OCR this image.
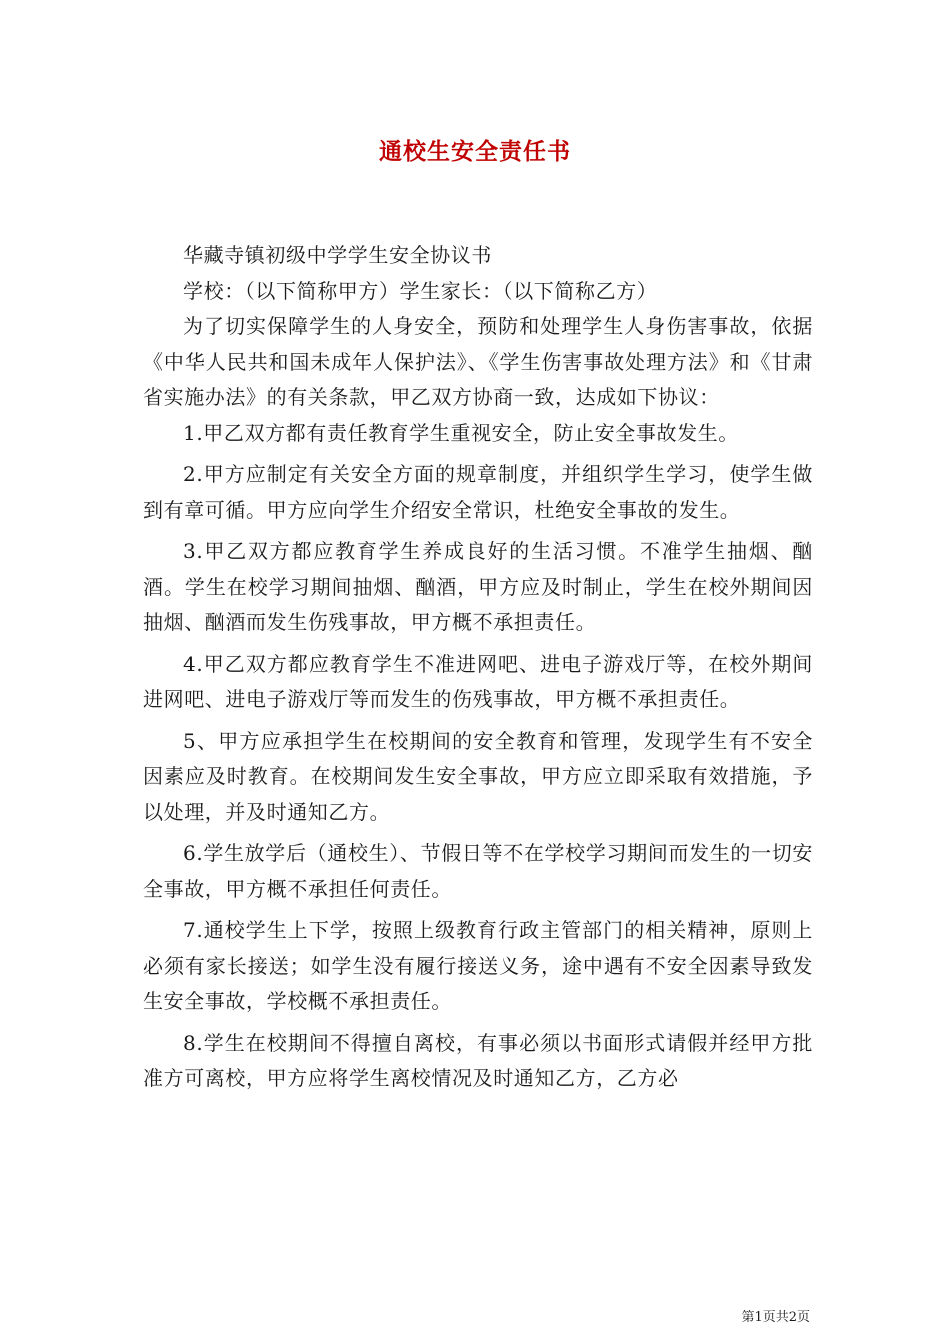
通校生安全责任书

华藏寺镇初级中学学生安全协议书

学校：（以下简称甲方）学生家长：（以下简称乙方）

为了切实保障学生的人身安全，预防和处理学生人身伤害事故，依据《中华人民共和国未成年人保护法》、《学生伤害事故处理方法》和《甘肃省实施办法》的有关条款，甲乙双方协商一致，达成如下协议：

1.甲乙双方都有责任教育学生重视安全，防止安全事故发生。

2.甲方应制定有关安全方面的规章制度，并组织学生学习，使学生做到有章可循。甲方应向学生介绍安全常识，杜绝安全事故的发生。

3.甲乙双方都应教育学生养成良好的生活习惯。不准学生抽烟、酗酒。学生在校学习期间抽烟、酗酒，甲方应及时制止，学生在校外期间因抽烟、酗酒而发生伤残事故，甲方概不承担责任。

4.甲乙双方都应教育学生不准进网吧、进电子游戏厅等，在校外期间进网吧、进电子游戏厅等而发生的伤残事故，甲方概不承担责任。

5、甲方应承担学生在校期间的安全教育和管理，发现学生有不安全因素应及时教育。在校期间发生安全事故，甲方应立即采取有效措施，予以处理，并及时通知乙方。

6.学生放学后（通校生）、节假日等不在学校学习期间而发生的一切安全事故，甲方概不承担任何责任。

7.通校学生上下学，按照上级教育行政主管部门的相关精神，原则上必须有家长接送；如学生没有履行接送义务，途中遇有不安全因素导致发生安全事故，学校概不承担责任。

8.学生在校期间不得擅自离校，有事必须以书面形式请假并经甲方批准方可离校，甲方应将学生离校情况及时通知乙方，乙方必

第1页共2页
